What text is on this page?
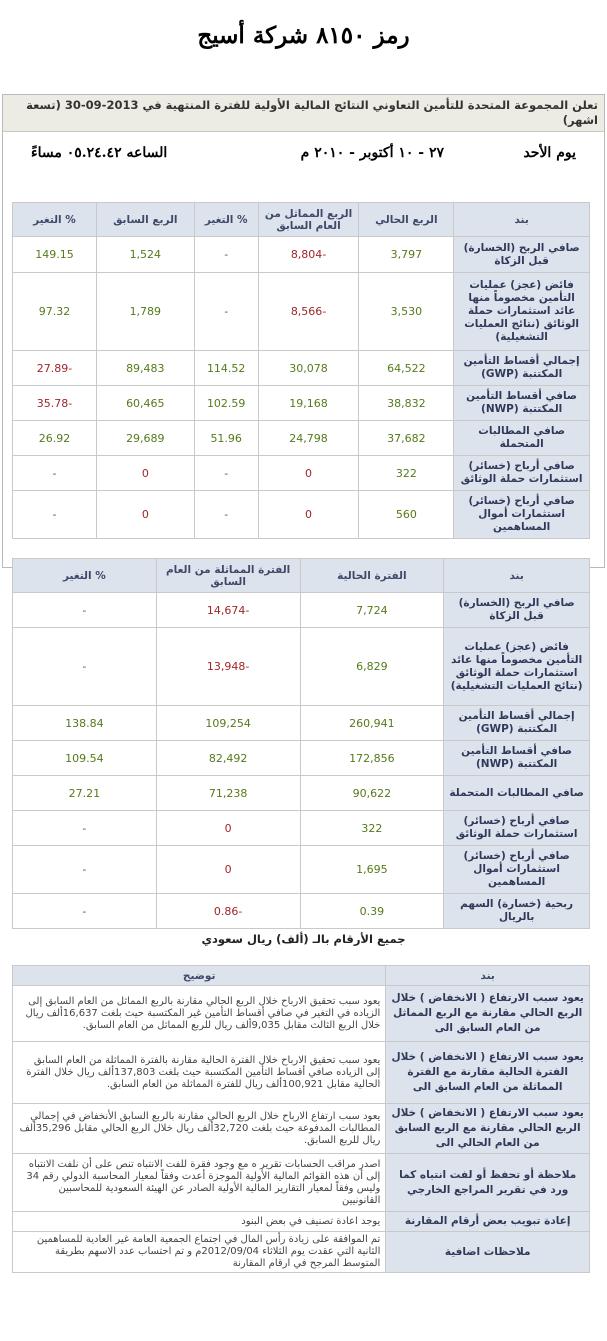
رمز ٨١٥٠ شركة أسيج
تعلن المجموعة المتحدة للتأمين التعاوني النتائج المالية الأولية للفترة المنتهية في 2013-09-30 (تسعة اشهر)
يوم الأحد
٢٧ - ١٠ أكتوبر - ٢٠١٠ م
الساعه ٠٥.٢٤.٤٢ مساءً
بند	الربع الحالي	الربع المماثل من العام السابق	% التغير	الربع السابق	% التغير
صافي الربح (الخسارة) قبل الزكاة	3,797	-8,804	-	1,524	149.15
فائض (عجز) عمليات التأمين مخصوماً منها عائد استثمارات حملة الوثائق (نتائج العمليات التشغيلية)	3,530	-8,566	-	1,789	97.32
إجمالي أقساط التأمين المكتتبة (GWP)	64,522	30,078	114.52	89,483	-27.89
صافي أقساط التأمين المكتتبة (NWP)	38,832	19,168	102.59	60,465	-35.78
صافي المطالبات المتحملة	37,682	24,798	51.96	29,689	26.92
صافي أرباح (خسائر) استثمارات حملة الوثائق	322	0	-	0	-
صافي أرباح (خسائر) استثمارات أموال المساهمين	560	0	-	0	-
بند	الفترة الحالية	الفترة المماثلة من العام السابق	% التغير
صافي الربح (الخسارة) قبل الزكاة	7,724	-14,674	-
فائض (عجز) عمليات التأمين مخصوماً منها عائد استثمارات حملة الوثائق (نتائج العمليات التشغيلية)	6,829	-13,948	-
إجمالي أقساط التأمين المكتتبة (GWP)	260,941	109,254	138.84
صافي أقساط التأمين المكتتبة (NWP)	172,856	82,492	109.54
صافي المطالبات المتحملة	90,622	71,238	27.21
صافي أرباح (خسائر) استثمارات حملة الوثائق	322	0	-
صافي أرباح (خسائر) استثمارات أموال المساهمين	1,695	0	-
ربحية (خسارة) السهم بالريال	0.39	-0.86	-
جميع الأرقام بالـ (ألف) ريال سعودي
بند	توضيح
يعود سبب الارتفاع ( الانخفاض ) خلال الربع الحالي مقارنة مع الربع المماثل من العام السابق الى	يعود سبب تحقيق الارباح خلال الربع الحالي مقارنة بالربع المماثل من العام السابق إلى الزياده في التغير في صافي أقساط التأمين غير المكتسبة حيث بلغت 16,637ألف ريال خلال الربع الثالث مقابل 9,035ألف ريال للربع المماثل من العام السابق.
يعود سبب الارتفاع ( الانخفاض ) خلال الفترة الحالية مقارنة مع الفترة المماثلة من العام السابق الى	يعود سبب تحقيق الارباح خلال الفترة الحالية مقارنة بالفترة المماثلة من العام السابق إلى الزياده صافي أقساط التأمين المكتسبة حيث بلغت 137,803ألف ريال خلال الفترة الحالية مقابل 100,921ألف ريال للفترة المماثلة من العام السابق.
يعود سبب الارتفاع ( الانخفاض ) خلال الربع الحالي مقارنة مع الربع السابق من العام الحالي الى	يعود سبب ارتفاع الارباح خلال الربع الحالي مقارنة بالربع السابق الأنخفاض في إجمالي المطالبات المدفوعة حيث بلغت 32,720ألف ريال خلال الربع الحالي مقابل 35,296ألف ريال للربع السابق.
ملاحظة أو تحفظ أو لفت انتباه كما ورد في تقرير المراجع الخارجي	اصدر مراقب الحسابات تقرير ه مع وجود فقرة للفت الانتباه تنص على أن نلفت الانتباه إلى أن هذه القوائم المالية الأولية الموجزة أعدت وفقاً لمعيار المحاسبة الدولي رقم 34 وليس وفقاً لمعيار التقارير المالية الأولية الصادر عن الهيئة السعودية للمحاسبين القانونيين
إعادة تبويب بعض أرقام المقارنة	يوجد اعادة تصنيف في بعض البنود
ملاحظات اضافية	تم الموافقة على زيادة رأس المال في اجتماع الجمعية العامة غير العادية للمساهمين الثانية التي عقدت يوم الثلاثاء 2012/09/04م و تم احتساب عدد الاسهم بطريقة المتوسط المرجح في ارقام المقارنة
